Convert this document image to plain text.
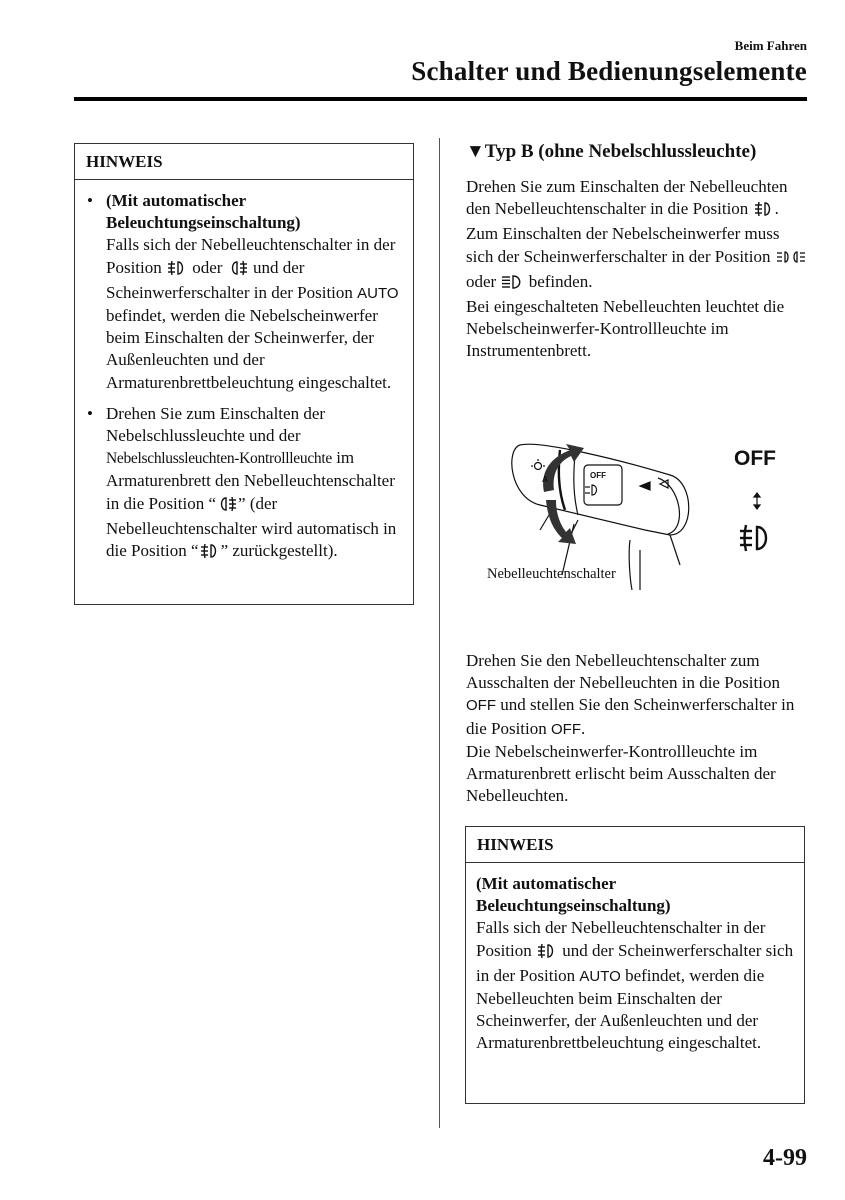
Beim Fahren
Schalter und Bedienungselemente
HINWEIS
• (Mit automatischer Beleuchtungseinschaltung)
Falls sich der Nebelleuchtenschalter in der Position oder und der Scheinwerferschalter in der Position AUTO befindet, werden die Nebelscheinwerfer beim Einschalten der Scheinwerfer, der Außenleuchten und der Armaturenbrettbeleuchtung eingeschaltet.
• Drehen Sie zum Einschalten der Nebelschlussleuchte und der Nebelschlussleuchten-Kontrollleuchte im Armaturenbrett den Nebelleuchtenschalter in die Position “ ” (der Nebelleuchtenschalter wird automatisch in die Position “ ” zurückgestellt).
▼Typ B (ohne Nebelschlussleuchte)

Drehen Sie zum Einschalten der Nebelleuchten den Nebelleuchtenschalter in die Position .

Zum Einschalten der Nebelscheinwerfer muss sich der Scheinwerferschalter in der Position  oder befinden.

Bei eingeschalteten Nebelleuchten leuchtet die Nebelscheinwerfer-Kontrollleuchte im Instrumentenbrett.

OFF
A
Nebelleuchtenschalter
OFF

Drehen Sie den Nebelleuchtenschalter zum Ausschalten der Nebelleuchten in die Position OFF und stellen Sie den Scheinwerferschalter in die Position OFF.

Die Nebelscheinwerfer-Kontrollleuchte im Armaturenbrett erlischt beim Ausschalten der Nebelleuchten.

HINWEIS
(Mit automatischer Beleuchtungseinschaltung)
Falls sich der Nebelleuchtenschalter in der Position und der Scheinwerferschalter sich in der Position AUTO befindet, werden die Nebelleuchten beim Einschalten der Scheinwerfer, der Außenleuchten und der Armaturenbrettbeleuchtung eingeschaltet.
4-99
